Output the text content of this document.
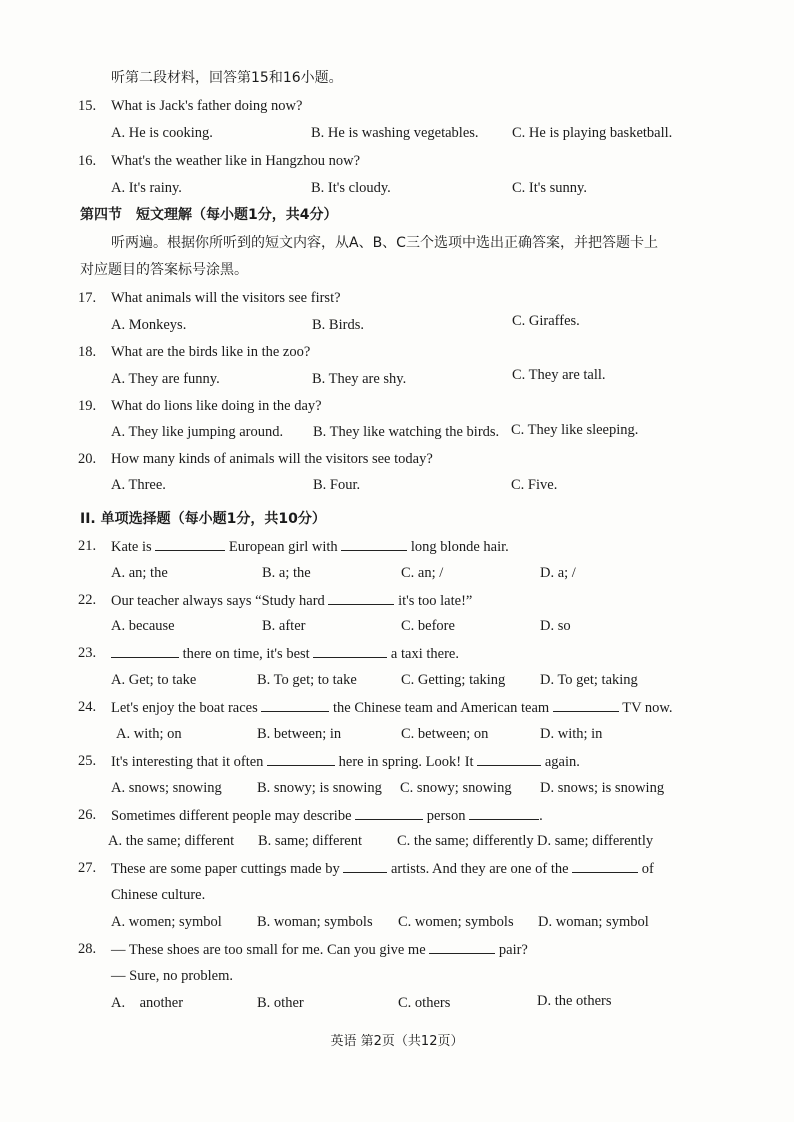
听第二段材料，回答第15和16小题。
15. What is Jack's father doing now?
A. He is cooking.	B. He is washing vegetables. C. He is playing basketball.
16. What's the weather like in Hangzhou now?
A. It's rainy.	B. It's cloudy.	C. It's sunny.
第四节　短文理解（每小题1分，共4分）
听两遍。根据你所听到的短文内容，从A、B、C三个选项中选出正确答案，并把答题卡上
对应题目的答案标号涂黑。
17. What animals will the visitors see first?
A. Monkeys.	B. Birds.	C. Giraffes.
18. What are the birds like in the zoo?
A. They are funny.	B. They are shy.	C. They are tall.
19. What do lions like doing in the day?
A. They like jumping around. B. They like watching the birds. C. They like sleeping.
20. How many kinds of animals will the visitors see today?
A. Three.	B. Four.	C. Five.
II. 单项选择题（每小题1分，共10分）
21. Kate is	European girl with	long blonde hair.
A. an; the	B. a; the	C. an; /	D. a; /
22. Our teacher always says “Study hard	it's too late!”
A. because	B. after	C. before	D. so
23.	there on time, it's best	a taxi there.
A. Get; to take	B. To get; to take	C. Getting; taking D. To get; taking
24. Let's enjoy the boat races	the Chinese team and American team	TV now.
A. with; on	B. between; in	C. between; on	D. with; in
25. It's interesting that it often	here in spring. Look! It	again.
A. snows; snowing B. snowy; is snowing C. snowy; snowing D. snows; is snowing
26. Sometimes different people may describe	person	.
A. the same; different B. same; different C. the same; differently D. same; differently
27. These are some paper cuttings made by	artists. And they are one of the	of
Chinese culture.
A. women; symbol B. woman; symbols C. women; symbols D. woman; symbol
28. — These shoes are too small for me. Can you give me	pair?
— Sure, no problem.
A.    another	B. other	C. others	D. the others
英语 第2页（共12页）
